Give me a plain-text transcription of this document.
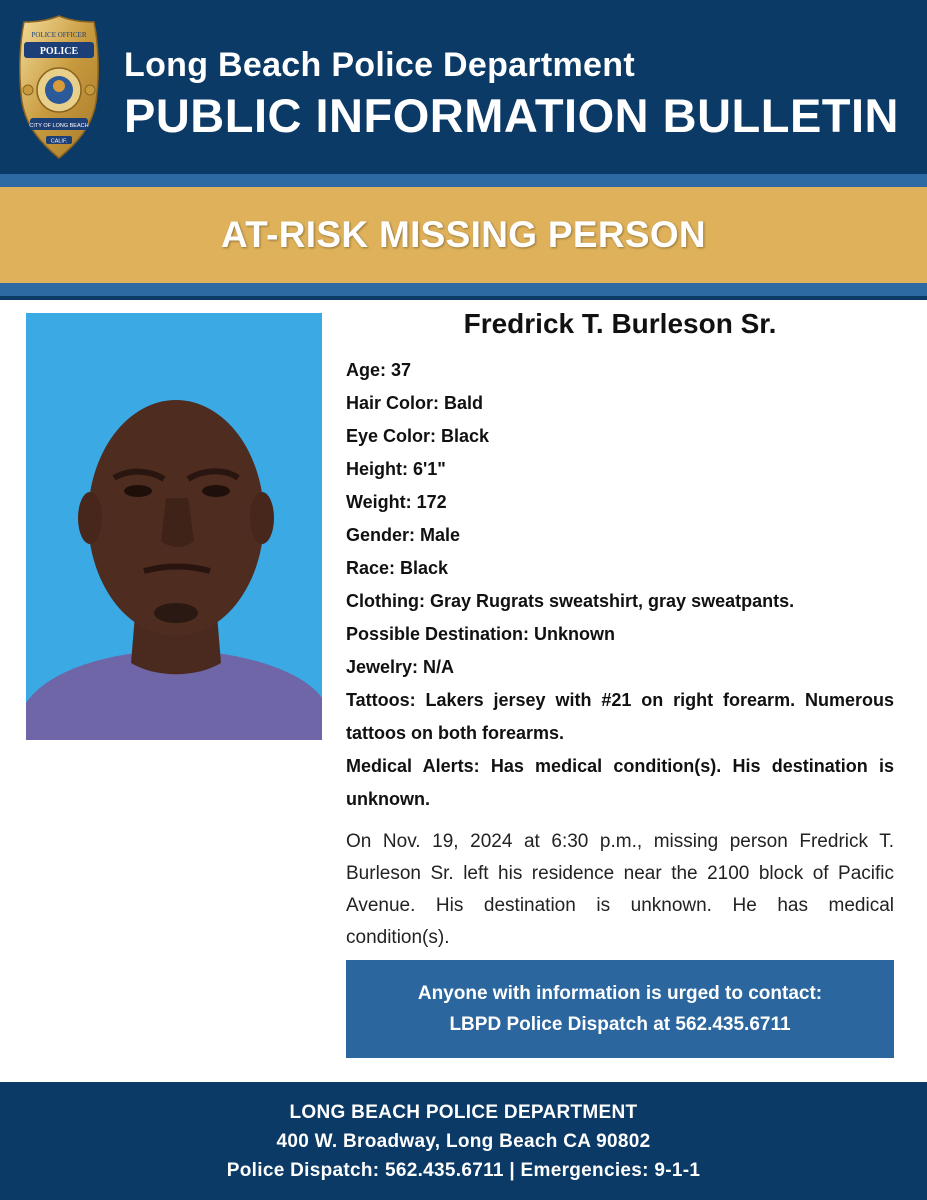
POLICE OFFICER
POLICE
CITY OF LONG BEACH
CALIF.
Long Beach Police Department
PUBLIC INFORMATION BULLETIN
AT-RISK MISSING PERSON
Fredrick T. Burleson Sr.
Age: 37
Hair Color: Bald
Eye Color: Black
Height: 6'1"
Weight: 172
Gender: Male
Race: Black
Clothing: Gray Rugrats sweatshirt, gray sweatpants.
Possible Destination: Unknown
Jewelry: N/A
Tattoos: Lakers jersey with #21 on right forearm. Numerous tattoos on both forearms.
Medical Alerts: Has medical condition(s). His destination is unknown.
On Nov. 19, 2024 at 6:30 p.m., missing person Fredrick T. Burleson Sr. left his residence near the 2100 block of Pacific Avenue. His destination is unknown. He has medical condition(s).
Anyone with information is urged to contact:
LBPD Police Dispatch at 562.435.6711
LONG BEACH POLICE DEPARTMENT
400 W. Broadway, Long Beach CA 90802
Police Dispatch: 562.435.6711 | Emergencies: 9-1-1
